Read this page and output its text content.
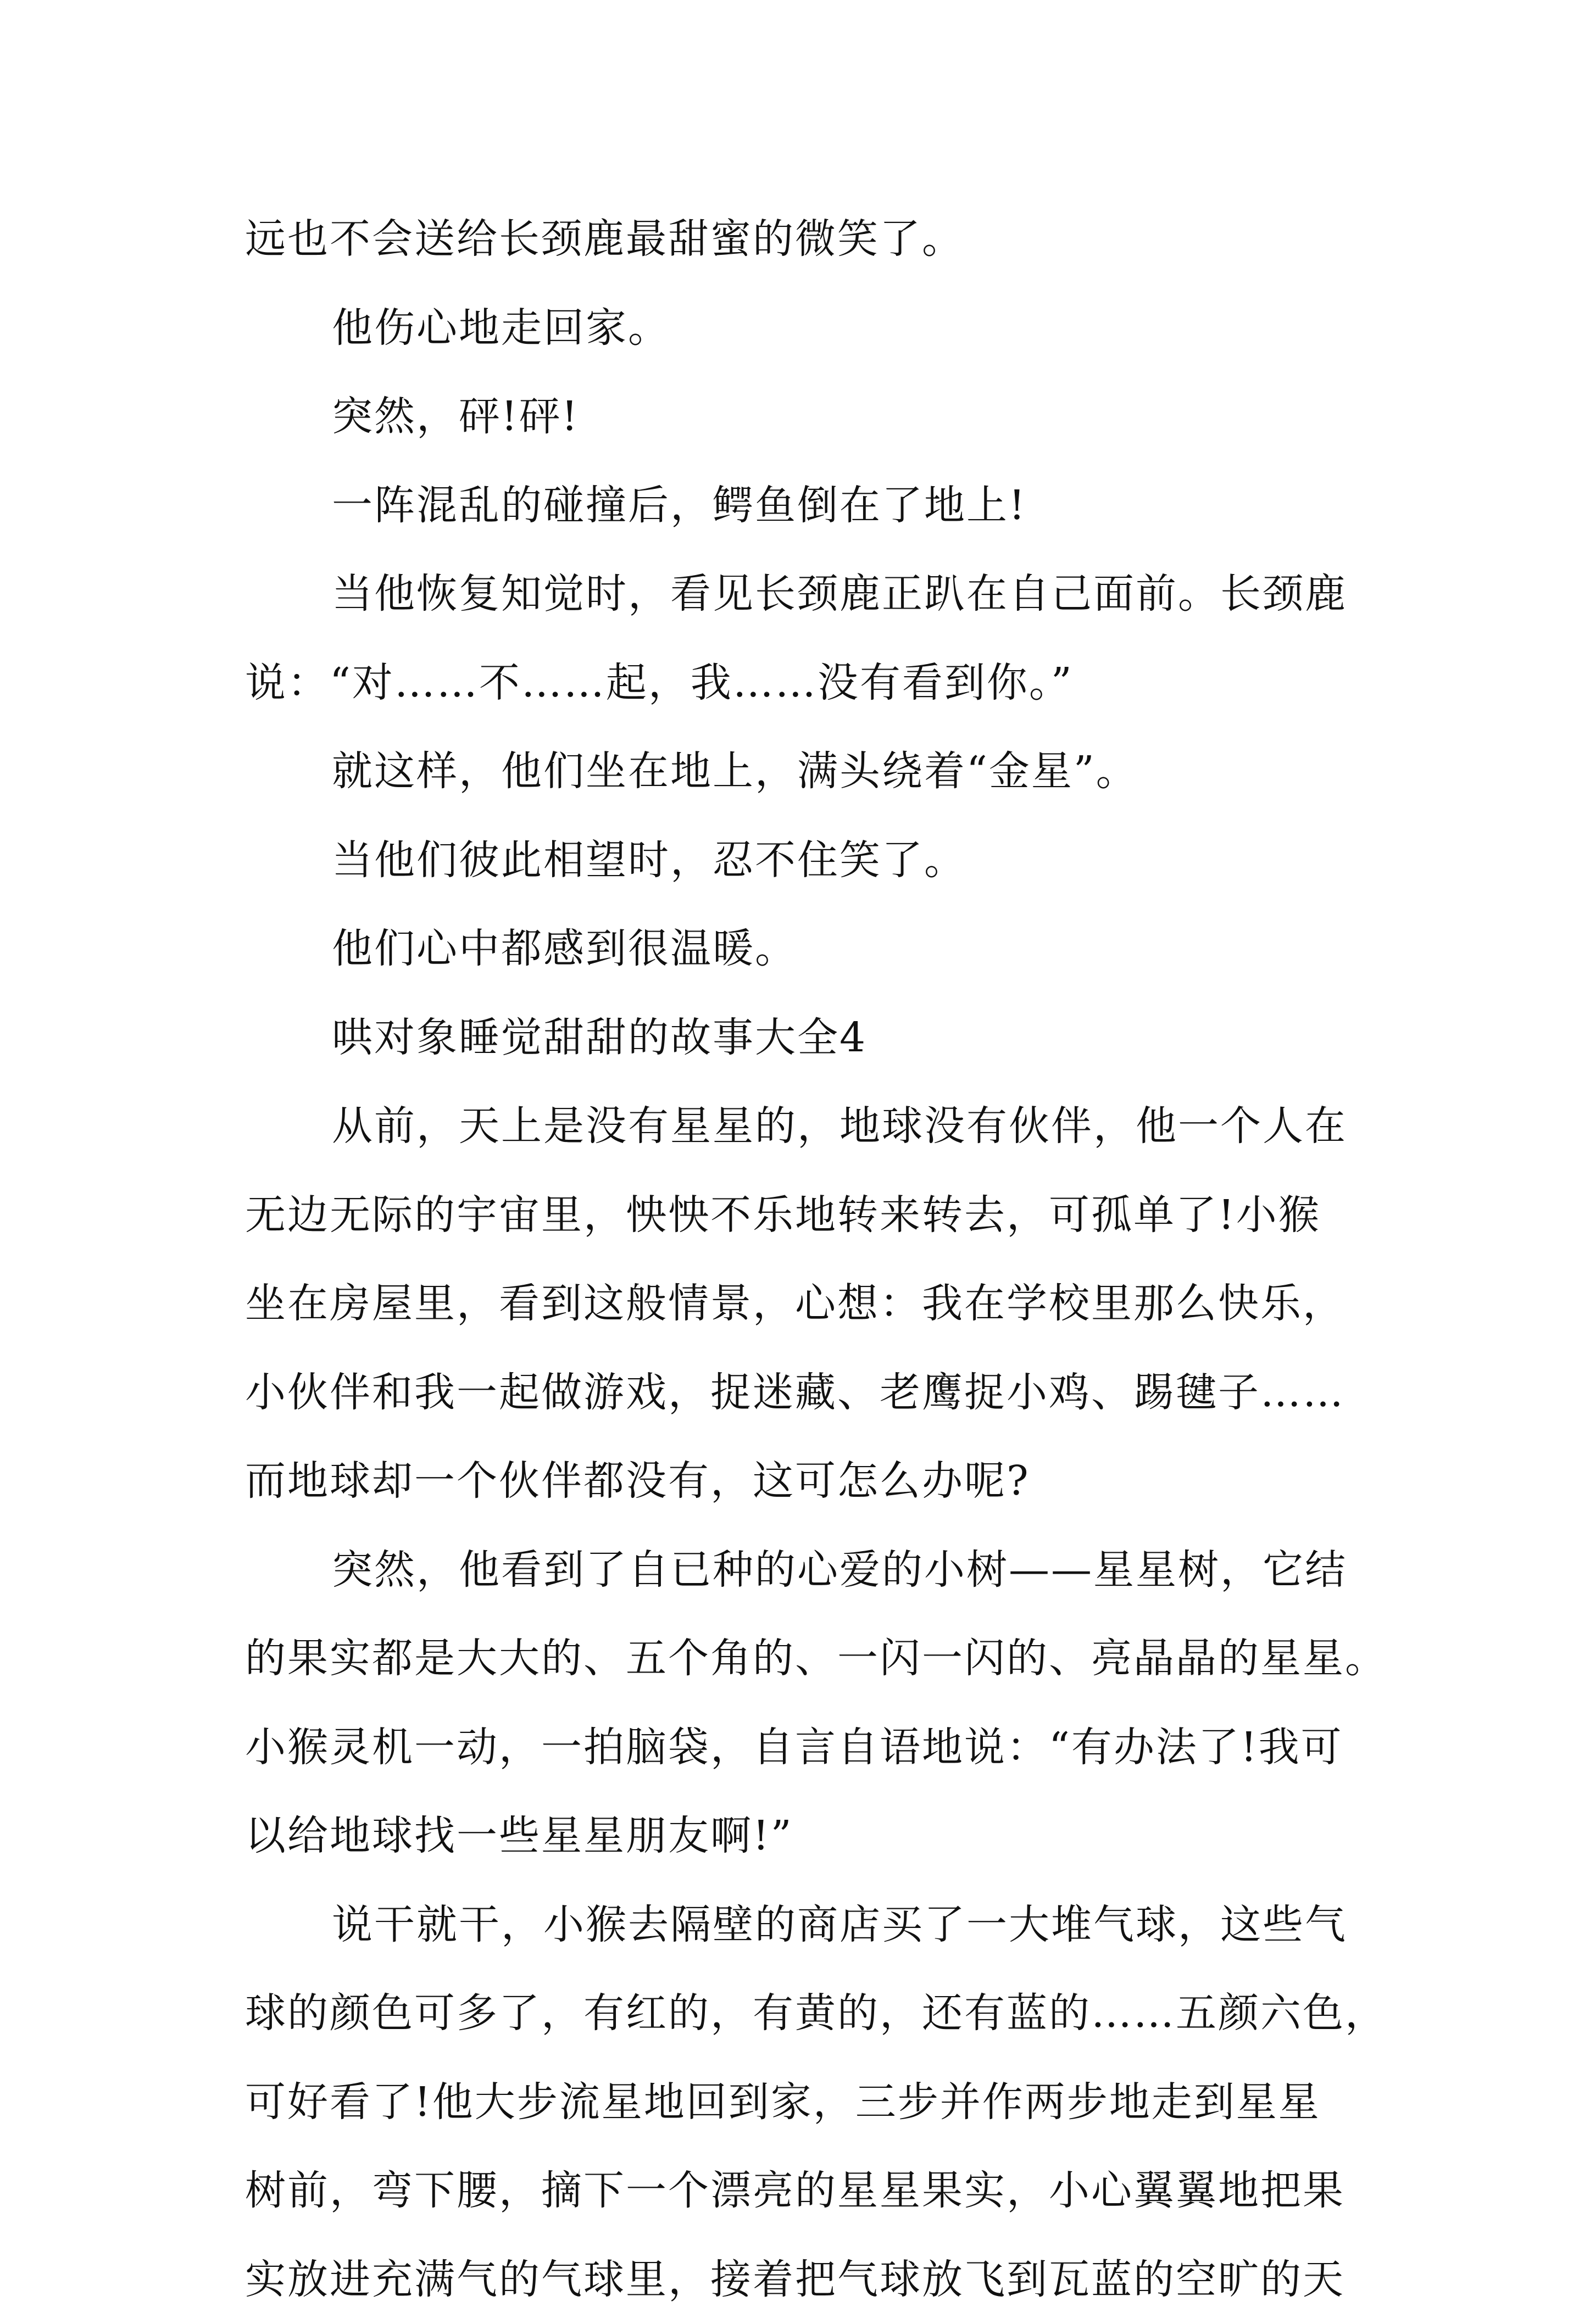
远也不会送给长颈鹿最甜蜜的微笑了。
他伤心地走回家。
突然，砰!砰!
一阵混乱的碰撞后，鳄鱼倒在了地上!
当他恢复知觉时，看见长颈鹿正趴在自己面前。长颈鹿
说：“对……不……起，我……没有看到你。”
就这样，他们坐在地上，满头绕着“金星”。
当他们彼此相望时，忍不住笑了。
他们心中都感到很温暖。
哄对象睡觉甜甜的故事大全4
从前，天上是没有星星的，地球没有伙伴，他一个人在
无边无际的宇宙里，怏怏不乐地转来转去，可孤单了!小猴
坐在房屋里，看到这般情景，心想：我在学校里那么快乐，
小伙伴和我一起做游戏，捉迷藏、老鹰捉小鸡、踢毽子……
而地球却一个伙伴都没有，这可怎么办呢?
突然，他看到了自已种的心爱的小树——星星树，它结
的果实都是大大的、五个角的、一闪一闪的、亮晶晶的星星。
小猴灵机一动，一拍脑袋，自言自语地说：“有办法了!我可
以给地球找一些星星朋友啊!”
说干就干，小猴去隔壁的商店买了一大堆气球，这些气
球的颜色可多了，有红的，有黄的，还有蓝的……五颜六色，
可好看了!他大步流星地回到家，三步并作两步地走到星星
树前，弯下腰，摘下一个漂亮的星星果实，小心翼翼地把果
实放进充满气的气球里，接着把气球放飞到瓦蓝的空旷的天
